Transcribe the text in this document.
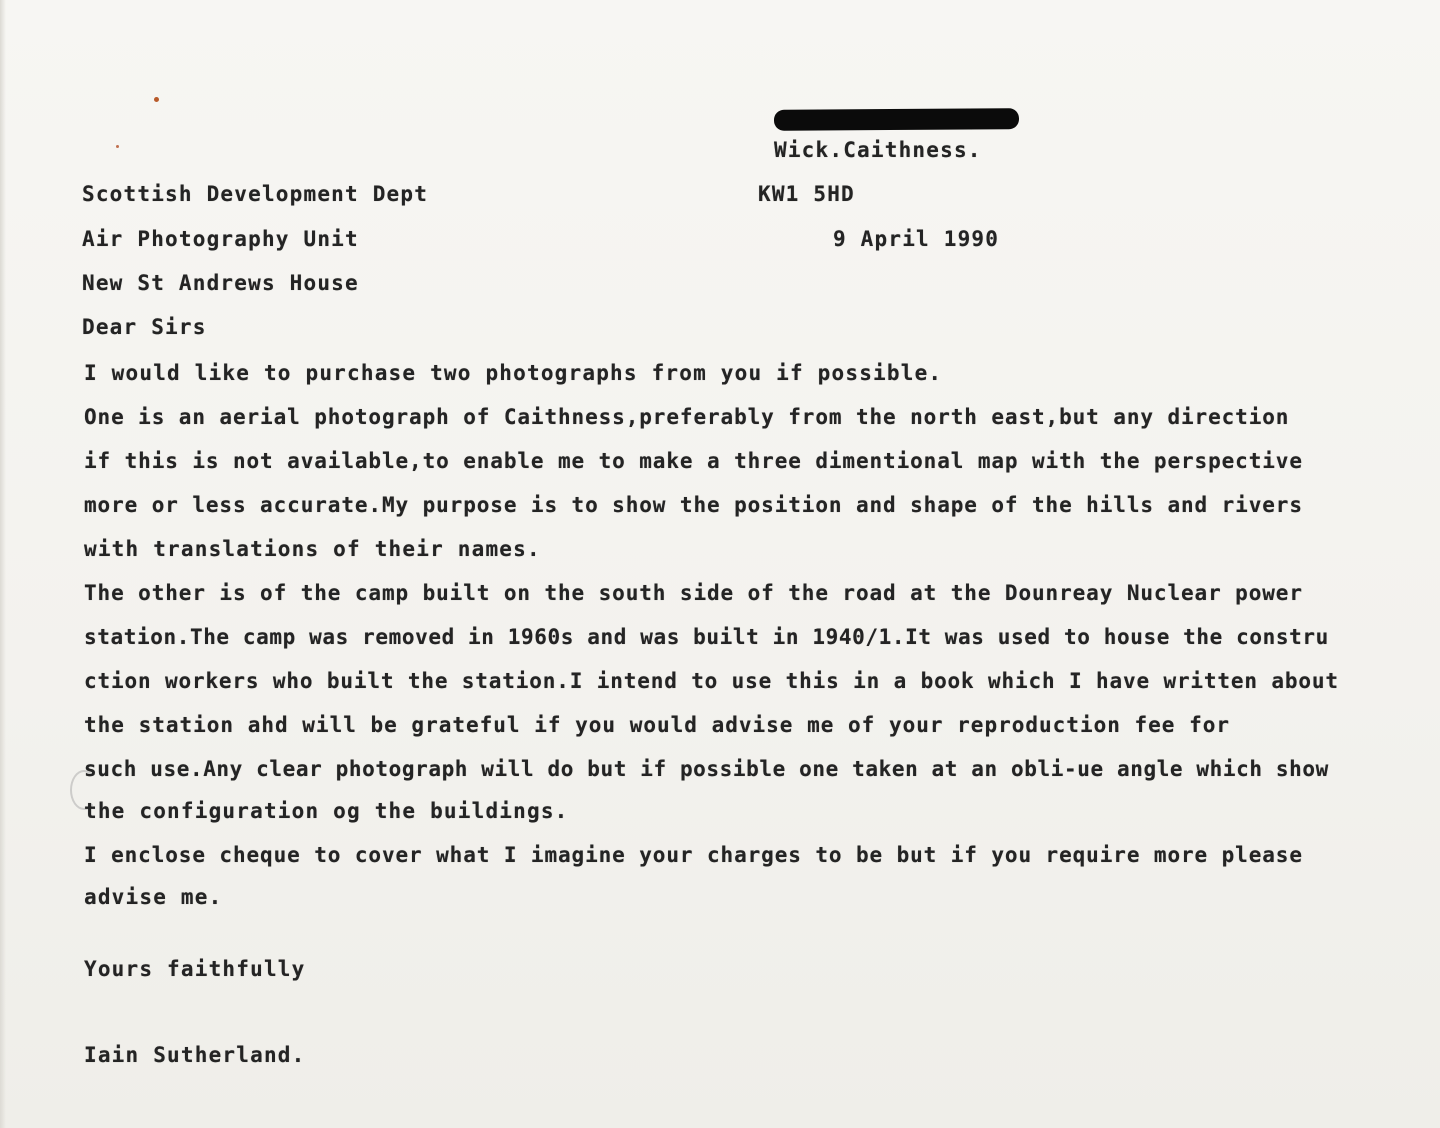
Wick.Caithness.
KW1 5HD
9 April 1990
Scottish Development Dept
Air Photography Unit
New St Andrews House
Dear Sirs
I would like to purchase two photographs from you if possible.
One is an aerial photograph of Caithness,preferably from the north east,but any direction
if this is not available,to enable me to make a three dimentional map with the perspective
more or less accurate.My purpose is to show the position and shape of the hills and rivers
with translations of their names.
The other is of the camp built on the south side of the road at the Dounreay Nuclear power
station.The camp was removed in 1960s and was built in 1940/1.It was used to house the constru
ction workers who built the station.I intend to use this in a book which I have written about
the station ahd will be grateful if you would advise me of your reproduction fee for
such use.Any clear photograph will do but if possible one taken at an obli-ue angle which show
the configuration og the buildings.
I enclose cheque to cover what I imagine your charges to be but if you require more please
advise me.
Yours faithfully
Iain Sutherland.
